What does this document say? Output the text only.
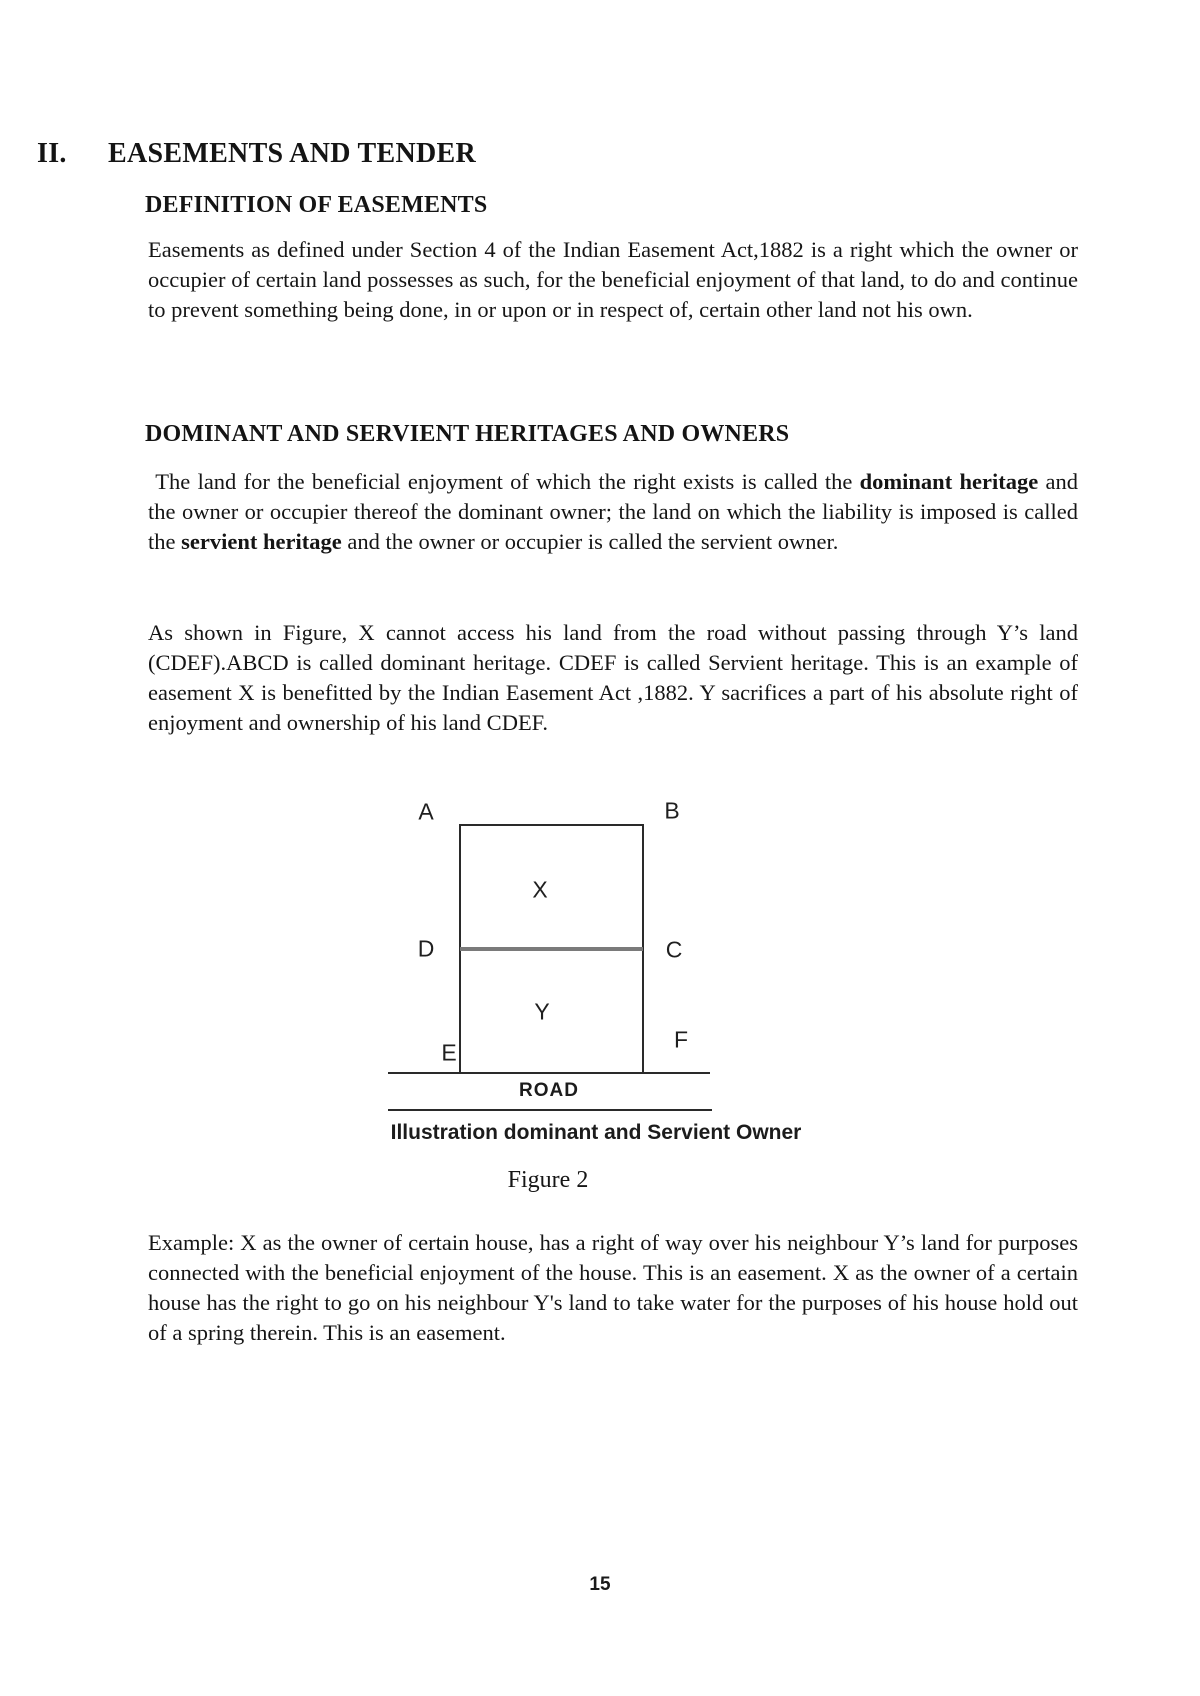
II. EASEMENTS AND TENDER
DEFINITION OF EASEMENTS
Easements as defined under Section 4 of the Indian Easement Act,1882 is a right which the owner or occupier of certain land possesses as such, for the beneficial enjoyment of that land, to do and continue to prevent something being done, in or upon or in respect of, certain other land not his own.
DOMINANT AND SERVIENT HERITAGES AND OWNERS
The land for the beneficial enjoyment of which the right exists is called the dominant heritage and the owner or occupier thereof the dominant owner; the land on which the liability is imposed is called the servient heritage and the owner or occupier is called the servient owner.
As shown in Figure, X cannot access his land from the road without passing through Y’s land (CDEF).ABCD is called dominant heritage. CDEF is called Servient heritage. This is an example of easement X is benefitted by the Indian Easement Act ,1882. Y sacrifices a part of his absolute right of enjoyment and ownership of his land CDEF.
A	B
D	C
E	F
X
Y
ROAD
Illustration dominant and Servient Owner
Figure 2
Example: X as the owner of certain house, has a right of way over his neighbour Y’s land for purposes connected with the beneficial enjoyment of the house. This is an easement. X as the owner of a certain house has the right to go on his neighbour Y's land to take water for the purposes of his house hold out of a spring therein. This is an easement.
15
